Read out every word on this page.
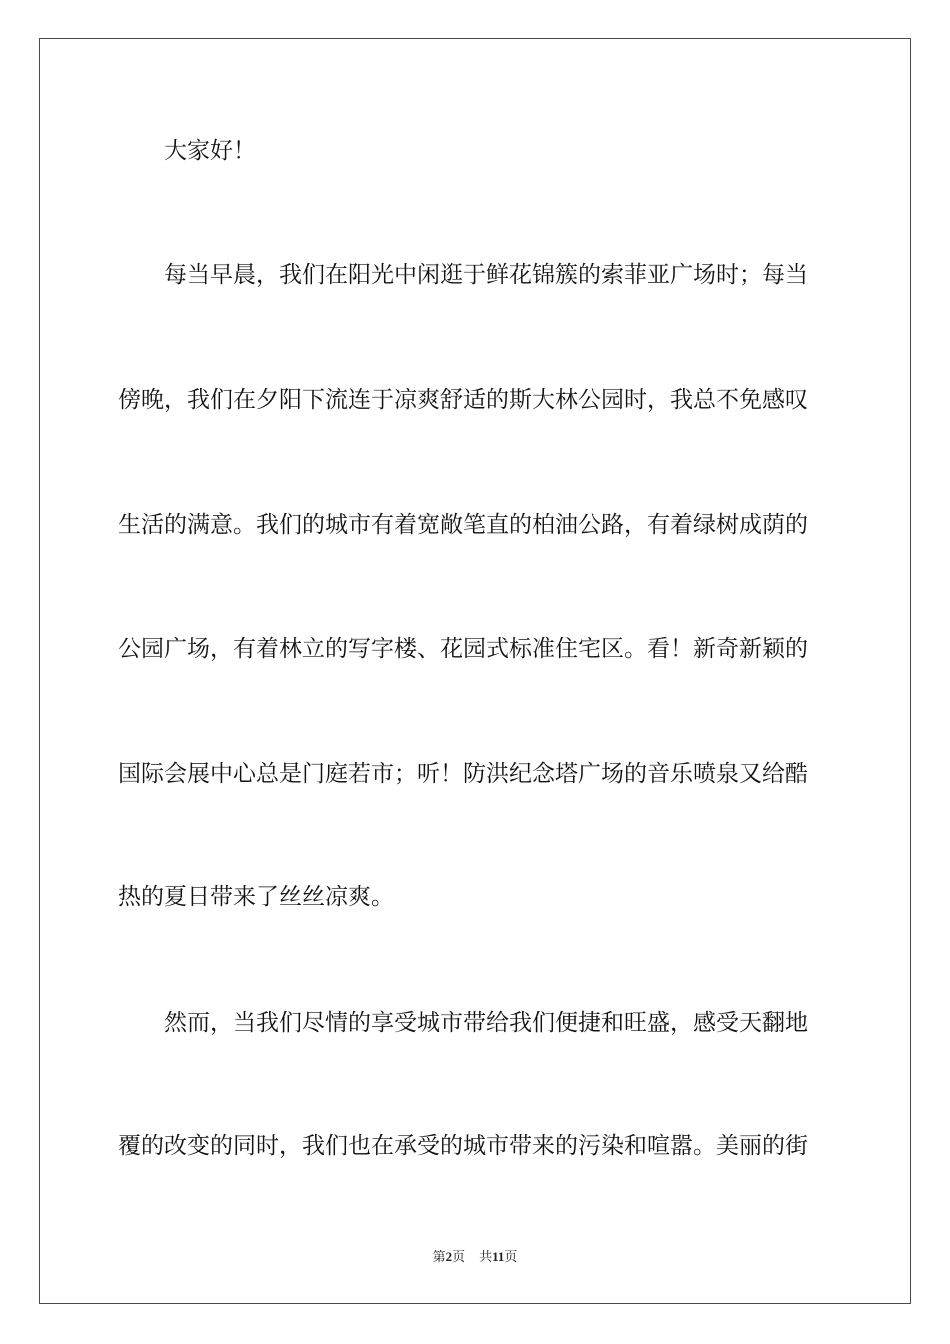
大家好！
每当早晨，我们在阳光中闲逛于鲜花锦簇的索菲亚广场时；每当
傍晚，我们在夕阳下流连于凉爽舒适的斯大林公园时，我总不免感叹
生活的满意。我们的城市有着宽敞笔直的柏油公路，有着绿树成荫的
公园广场，有着林立的写字楼、花园式标准住宅区。看！新奇新颖的
国际会展中心总是门庭若市；听！防洪纪念塔广场的音乐喷泉又给酷
热的夏日带来了丝丝凉爽。
然而，当我们尽情的享受城市带给我们便捷和旺盛，感受天翻地
覆的改变的同时，我们也在承受的城市带来的污染和喧嚣。美丽的街
第2页 共11页
